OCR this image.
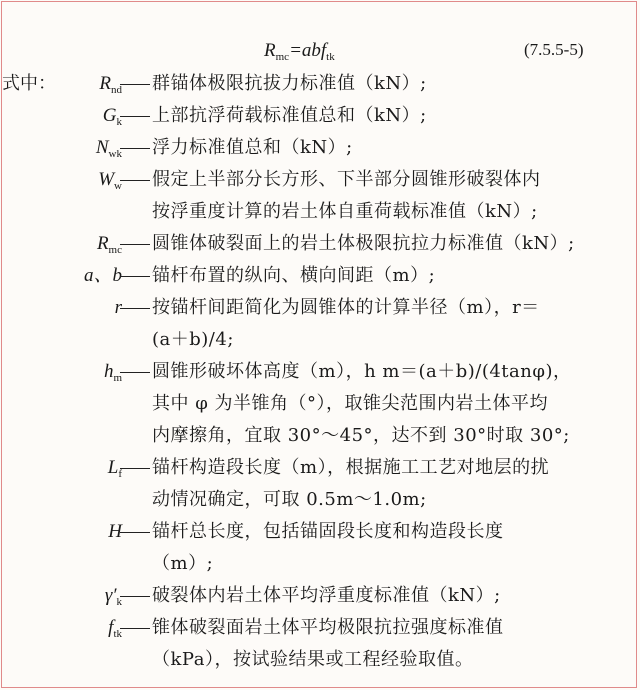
$R_{mc}=abf_{tk}$	(7.5.5-5)
式中：	$R_{nd}$ 群锚体极限抗拔力标准值（kN）;

$G_k$ 上部抗浮荷载标准值总和（kN）;

$N_{wk}$ 浮力标准值总和（kN）;

$W_w$ 假定上半部分长方形、下半部分圆锥形破裂体内

按浮重度计算的岩土体自重荷载标准值（kN）;

$R_{mc}$ 圆锥体破裂面上的岩土体极限抗拉力标准值（kN）;

a、b 锚杆布置的纵向、横向间距（m）;

r 按锚杆间距简化为圆锥体的计算半径（m），r＝

(a＋b)/4;

$h_m$ 圆锥形破坏体高度（m），h m＝(a＋b)/(4tanφ)，

其中 φ 为半锥角（°），取锥尖范围内岩土体平均

内摩擦角，宜取 30°～45°，达不到 30°时取 30°;

$L_f$ 锚杆构造段长度（m），根据施工工艺对地层的扰

动情况确定，可取 0.5m～1.0m;

H 锚杆总长度，包括锚固段长度和构造段长度

（m）;

$\gamma'_k$ 破裂体内岩土体平均浮重度标准值（kN）;

$f_{tk}$ 锥体破裂面岩土体平均极限抗拉强度标准值

（kPa），按试验结果或工程经验取值。
